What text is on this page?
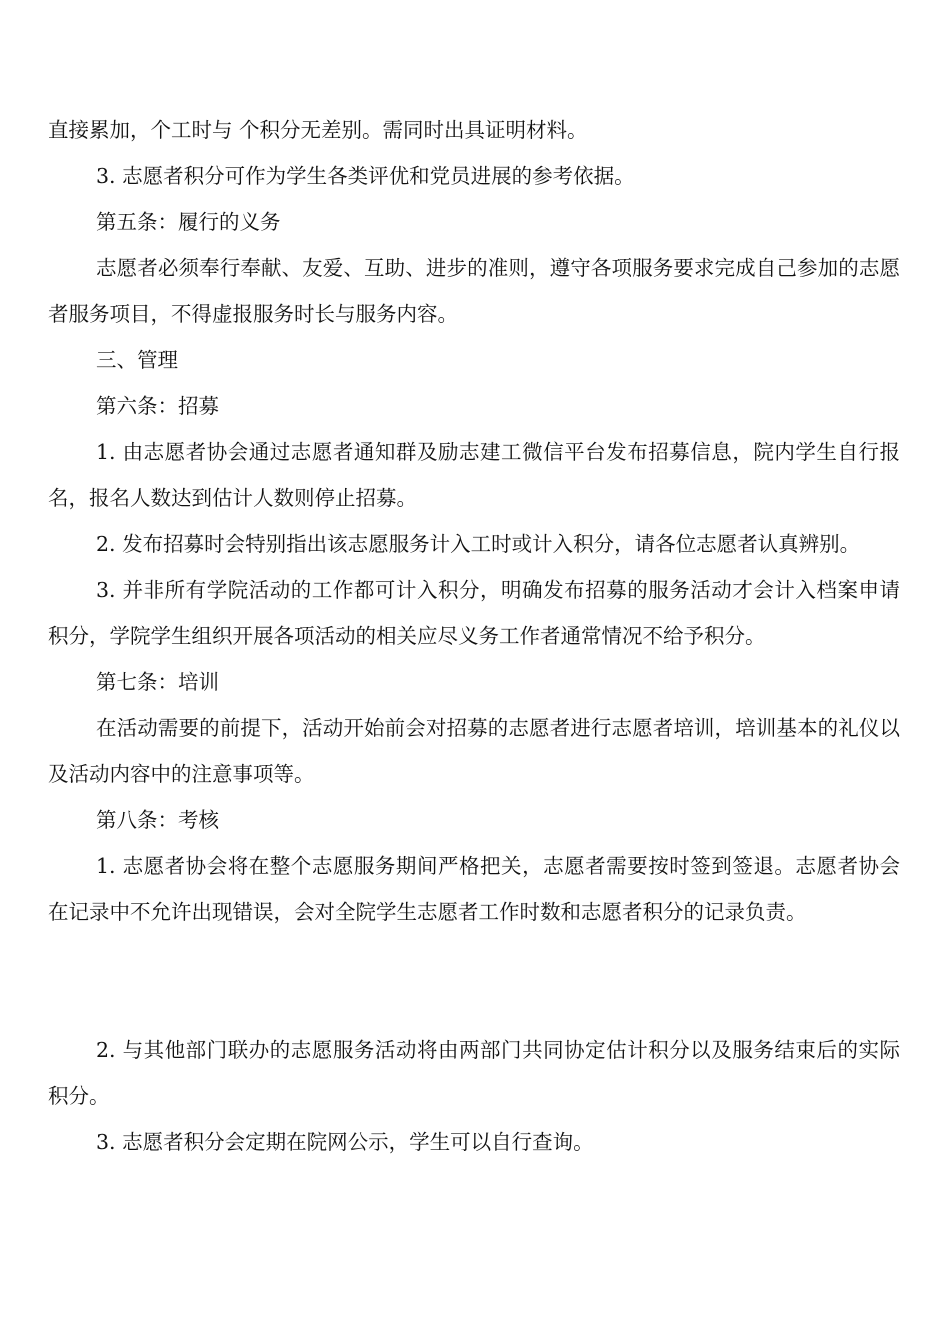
直接累加，个工时与 个积分无差别。需同时出具证明材料。

3. 志愿者积分可作为学生各类评优和党员进展的参考依据。

第五条：履行的义务

志愿者必须奉行奉献、友爱、互助、进步的准则，遵守各项服务要求完成自己参加的志愿者服务项目，不得虚报服务时长与服务内容。

三、管理

第六条：招募

1. 由志愿者协会通过志愿者通知群及励志建工微信平台发布招募信息，院内学生自行报名，报名人数达到估计人数则停止招募。

2. 发布招募时会特别指出该志愿服务计入工时或计入积分，请各位志愿者认真辨别。

3. 并非所有学院活动的工作都可计入积分，明确发布招募的服务活动才会计入档案申请积分，学院学生组织开展各项活动的相关应尽义务工作者通常情况不给予积分。

第七条：培训

在活动需要的前提下，活动开始前会对招募的志愿者进行志愿者培训，培训基本的礼仪以及活动内容中的注意事项等。

第八条：考核

1. 志愿者协会将在整个志愿服务期间严格把关，志愿者需要按时签到签退。志愿者协会在记录中不允许出现错误，会对全院学生志愿者工作时数和志愿者积分的记录负责。

2. 与其他部门联办的志愿服务活动将由两部门共同协定估计积分以及服务结束后的实际积分。

3. 志愿者积分会定期在院网公示，学生可以自行查询。
